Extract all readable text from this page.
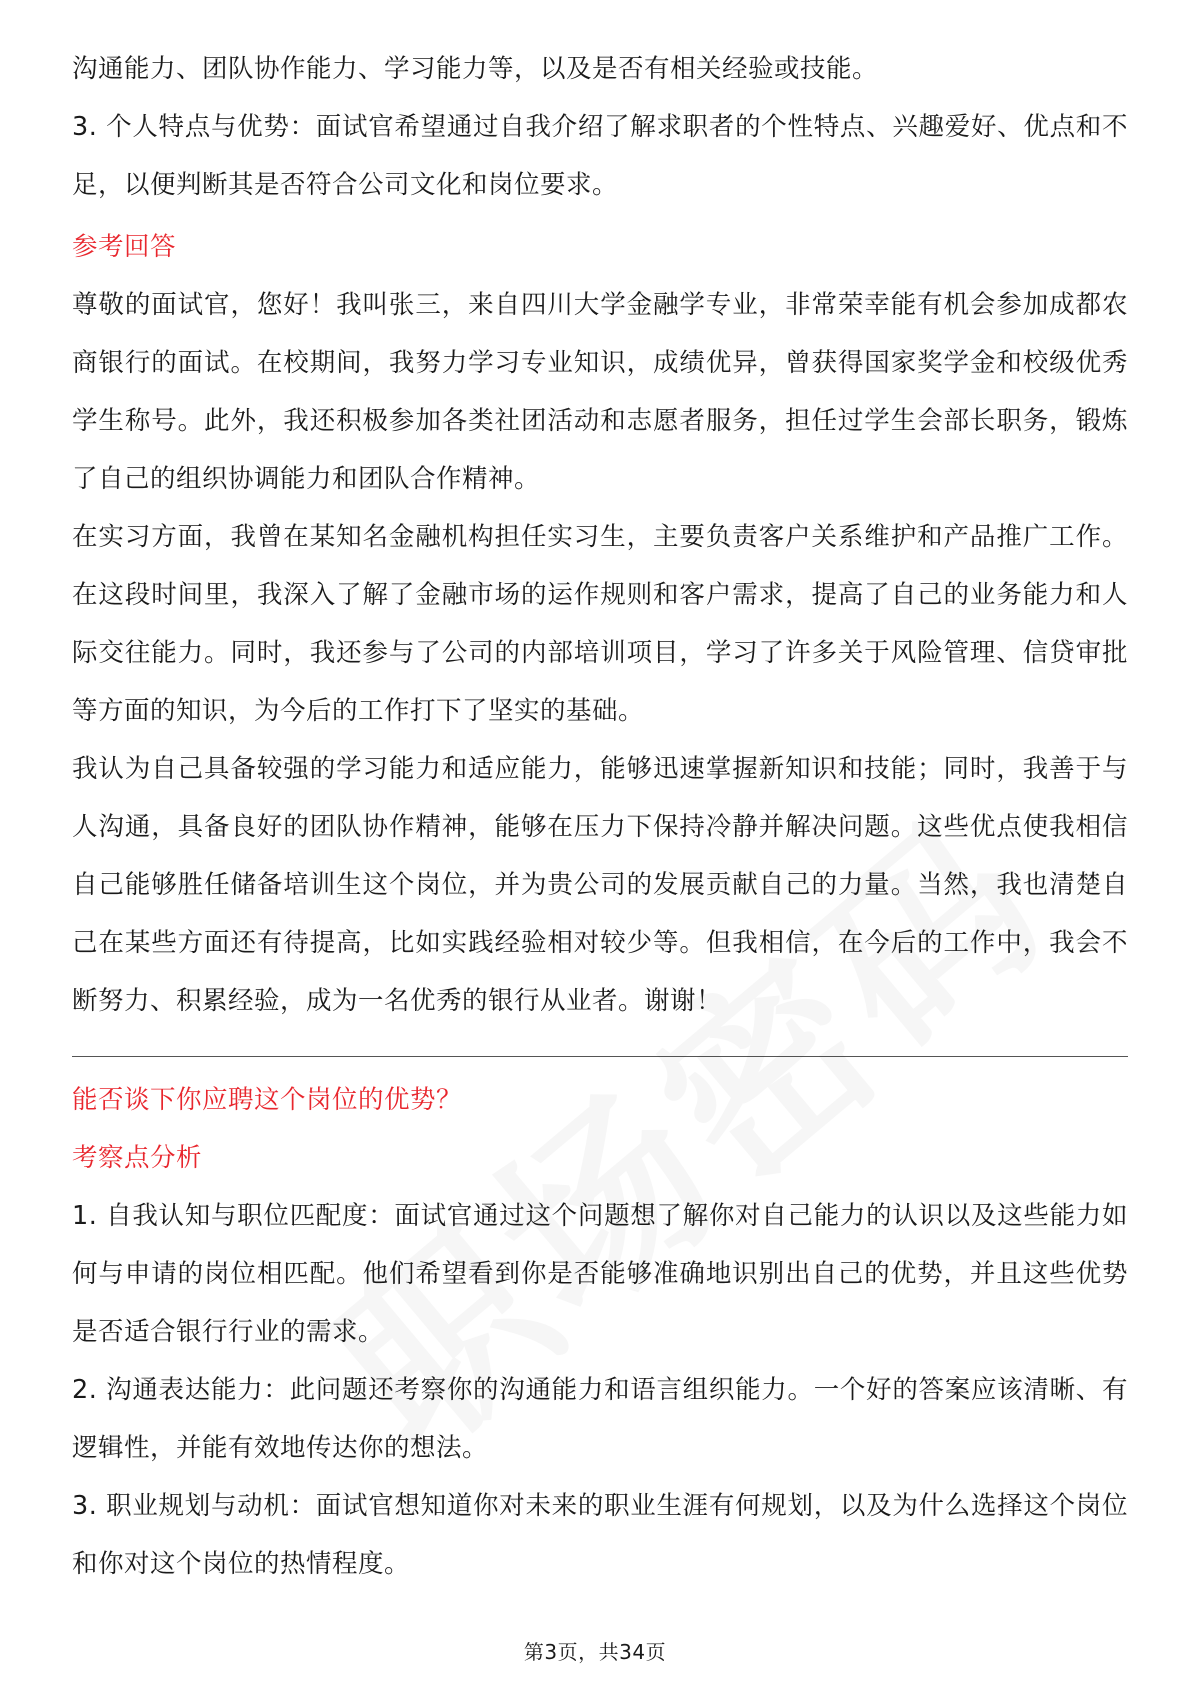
沟通能力、团队协作能力、学习能力等，以及是否有相关经验或技能。

3. 个人特点与优势：面试官希望通过自我介绍了解求职者的个性特点、兴趣爱好、优点和不足，以便判断其是否符合公司文化和岗位要求。

参考回答

尊敬的面试官，您好！我叫张三，来自四川大学金融学专业，非常荣幸能有机会参加成都农商银行的面试。在校期间，我努力学习专业知识，成绩优异，曾获得国家奖学金和校级优秀学生称号。此外，我还积极参加各类社团活动和志愿者服务，担任过学生会部长职务，锻炼了自己的组织协调能力和团队合作精神。

在实习方面，我曾在某知名金融机构担任实习生，主要负责客户关系维护和产品推广工作。在这段时间里，我深入了解了金融市场的运作规则和客户需求，提高了自己的业务能力和人际交往能力。同时，我还参与了公司的内部培训项目，学习了许多关于风险管理、信贷审批等方面的知识，为今后的工作打下了坚实的基础。

我认为自己具备较强的学习能力和适应能力，能够迅速掌握新知识和技能；同时，我善于与人沟通，具备良好的团队协作精神，能够在压力下保持冷静并解决问题。这些优点使我相信自己能够胜任储备培训生这个岗位，并为贵公司的发展贡献自己的力量。当然，我也清楚自己在某些方面还有待提高，比如实践经验相对较少等。但我相信，在今后的工作中，我会不断努力、积累经验，成为一名优秀的银行从业者。谢谢！

能否谈下你应聘这个岗位的优势？

考察点分析

1. 自我认知与职位匹配度：面试官通过这个问题想了解你对自己能力的认识以及这些能力如何与申请的岗位相匹配。他们希望看到你是否能够准确地识别出自己的优势，并且这些优势是否适合银行行业的需求。

2. 沟通表达能力：此问题还考察你的沟通能力和语言组织能力。一个好的答案应该清晰、有逻辑性，并能有效地传达你的想法。

3. 职业规划与动机：面试官想知道你对未来的职业生涯有何规划，以及为什么选择这个岗位和你对这个岗位的热情程度。

第3页，共34页
